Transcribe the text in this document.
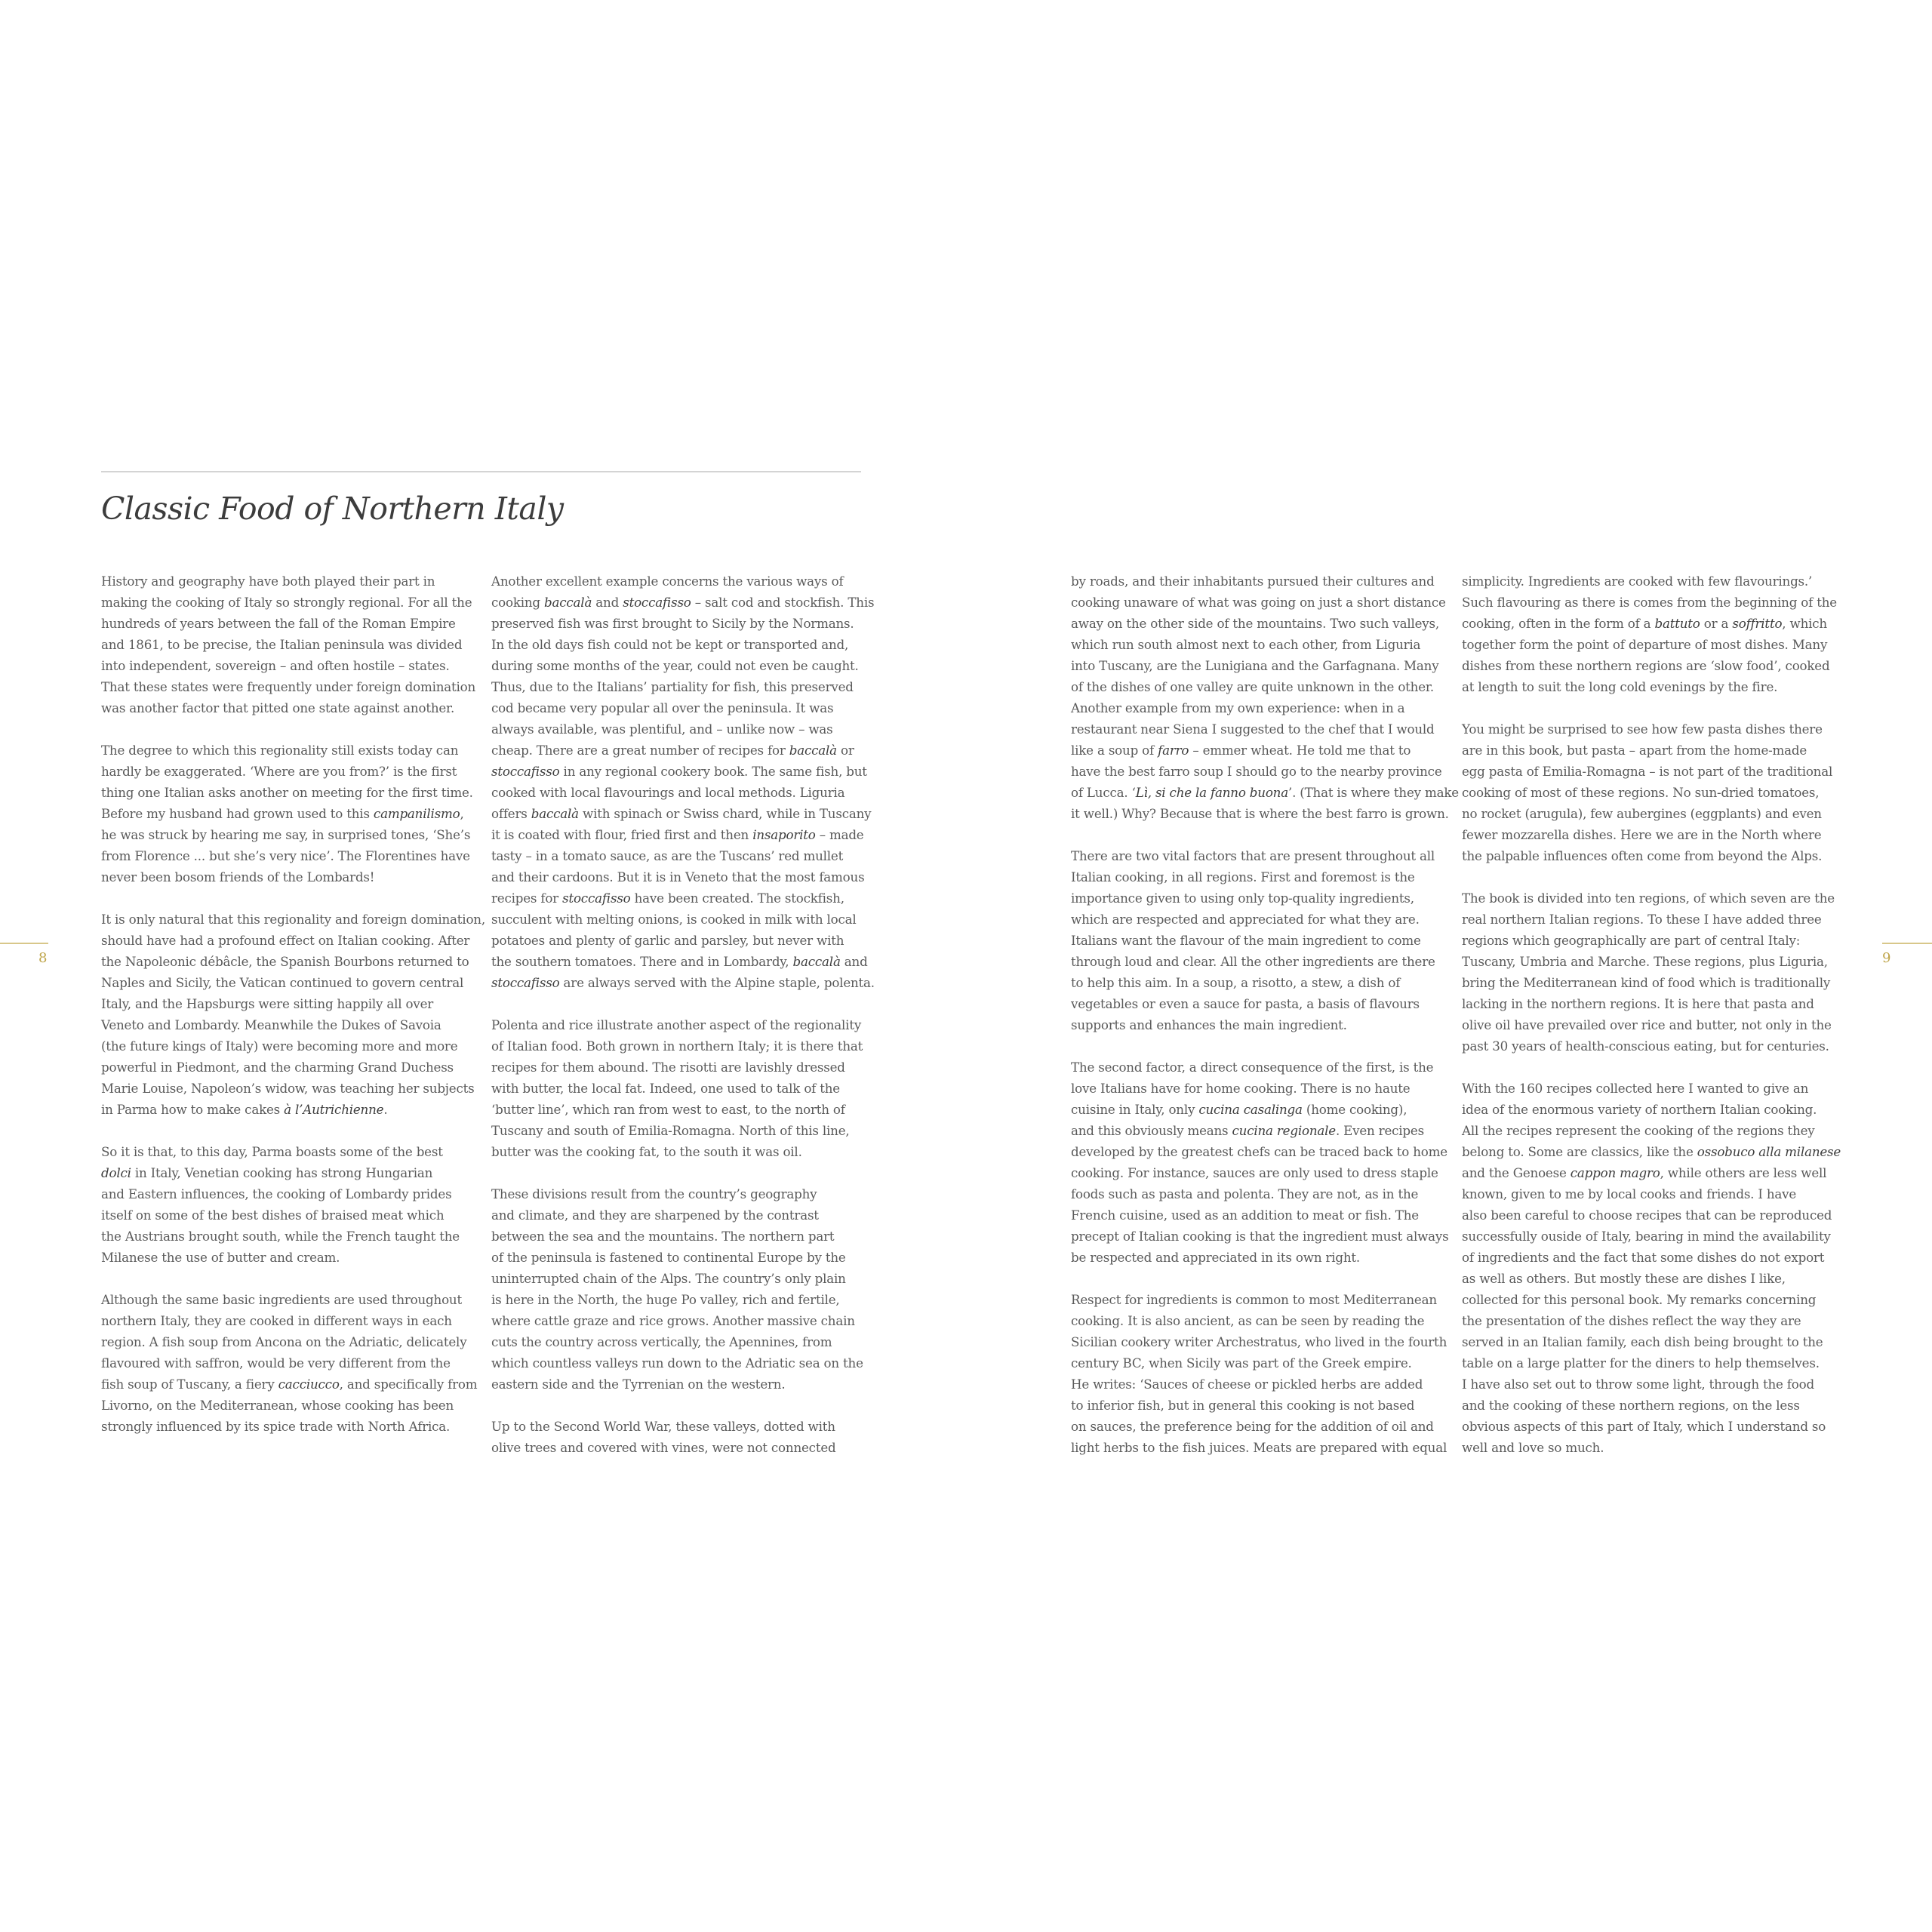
Classic Food of Northern Italy

History and geography have both played their part in
making the cooking of Italy so strongly regional. For all the
hundreds of years between the fall of the Roman Empire
and 1861, to be precise, the Italian peninsula was divided
into independent, sovereign – and often hostile – states.
That these states were frequently under foreign domination
was another factor that pitted one state against another.

The degree to which this regionality still exists today can
hardly be exaggerated. ‘Where are you from?’ is the first
thing one Italian asks another on meeting for the first time.
Before my husband had grown used to this campanilismo,
he was struck by hearing me say, in surprised tones, ‘She’s
from Florence ... but she’s very nice’. The Florentines have
never been bosom friends of the Lombards!

It is only natural that this regionality and foreign domination,
should have had a profound effect on Italian cooking. After
the Napoleonic débâcle, the Spanish Bourbons returned to
Naples and Sicily, the Vatican continued to govern central
Italy, and the Hapsburgs were sitting happily all over
Veneto and Lombardy. Meanwhile the Dukes of Savoia
(the future kings of Italy) were becoming more and more
powerful in Piedmont, and the charming Grand Duchess
Marie Louise, Napoleon’s widow, was teaching her subjects
in Parma how to make cakes à l’Autrichienne.

So it is that, to this day, Parma boasts some of the best
dolci in Italy, Venetian cooking has strong Hungarian
and Eastern influences, the cooking of Lombardy prides
itself on some of the best dishes of braised meat which
the Austrians brought south, while the French taught the
Milanese the use of butter and cream.

Although the same basic ingredients are used throughout
northern Italy, they are cooked in different ways in each
region. A fish soup from Ancona on the Adriatic, delicately
flavoured with saffron, would be very different from the
fish soup of Tuscany, a fiery cacciucco, and specifically from
Livorno, on the Mediterranean, whose cooking has been
strongly influenced by its spice trade with North Africa.

Another excellent example concerns the various ways of
cooking baccalà and stoccafisso – salt cod and stockfish. This
preserved fish was first brought to Sicily by the Normans.
In the old days fish could not be kept or transported and,
during some months of the year, could not even be caught.
Thus, due to the Italians’ partiality for fish, this preserved
cod became very popular all over the peninsula. It was
always available, was plentiful, and – unlike now – was
cheap. There are a great number of recipes for baccalà or
stoccafisso in any regional cookery book. The same fish, but
cooked with local flavourings and local methods. Liguria
offers baccalà with spinach or Swiss chard, while in Tuscany
it is coated with flour, fried first and then insaporito – made
tasty – in a tomato sauce, as are the Tuscans’ red mullet
and their cardoons. But it is in Veneto that the most famous
recipes for stoccafisso have been created. The stockfish,
succulent with melting onions, is cooked in milk with local
potatoes and plenty of garlic and parsley, but never with
the southern tomatoes. There and in Lombardy, baccalà and
stoccafisso are always served with the Alpine staple, polenta.

Polenta and rice illustrate another aspect of the regionality
of Italian food. Both grown in northern Italy; it is there that
recipes for them abound. The risotti are lavishly dressed
with butter, the local fat. Indeed, one used to talk of the
‘butter line’, which ran from west to east, to the north of
Tuscany and south of Emilia-Romagna. North of this line,
butter was the cooking fat, to the south it was oil.

These divisions result from the country’s geography
and climate, and they are sharpened by the contrast
between the sea and the mountains. The northern part
of the peninsula is fastened to continental Europe by the
uninterrupted chain of the Alps. The country’s only plain
is here in the North, the huge Po valley, rich and fertile,
where cattle graze and rice grows. Another massive chain
cuts the country across vertically, the Apennines, from
which countless valleys run down to the Adriatic sea on the
eastern side and the Tyrrenian on the western.

Up to the Second World War, these valleys, dotted with
olive trees and covered with vines, were not connected

by roads, and their inhabitants pursued their cultures and
cooking unaware of what was going on just a short distance
away on the other side of the mountains. Two such valleys,
which run south almost next to each other, from Liguria
into Tuscany, are the Lunigiana and the Garfagnana. Many
of the dishes of one valley are quite unknown in the other.
Another example from my own experience: when in a
restaurant near Siena I suggested to the chef that I would
like a soup of farro – emmer wheat. He told me that to
have the best farro soup I should go to the nearby province
of Lucca. ‘Lì, si che la fanno buona’. (That is where they make
it well.) Why? Because that is where the best farro is grown.

There are two vital factors that are present throughout all
Italian cooking, in all regions. First and foremost is the
importance given to using only top-quality ingredients,
which are respected and appreciated for what they are.
Italians want the flavour of the main ingredient to come
through loud and clear. All the other ingredients are there
to help this aim. In a soup, a risotto, a stew, a dish of
vegetables or even a sauce for pasta, a basis of flavours
supports and enhances the main ingredient.

The second factor, a direct consequence of the first, is the
love Italians have for home cooking. There is no haute
cuisine in Italy, only cucina casalinga (home cooking),
and this obviously means cucina regionale. Even recipes
developed by the greatest chefs can be traced back to home
cooking. For instance, sauces are only used to dress staple
foods such as pasta and polenta. They are not, as in the
French cuisine, used as an addition to meat or fish. The
precept of Italian cooking is that the ingredient must always
be respected and appreciated in its own right.

Respect for ingredients is common to most Mediterranean
cooking. It is also ancient, as can be seen by reading the
Sicilian cookery writer Archestratus, who lived in the fourth
century BC, when Sicily was part of the Greek empire.
He writes: ‘Sauces of cheese or pickled herbs are added
to inferior fish, but in general this cooking is not based
on sauces, the preference being for the addition of oil and
light herbs to the fish juices. Meats are prepared with equal

simplicity. Ingredients are cooked with few flavourings.’
Such flavouring as there is comes from the beginning of the
cooking, often in the form of a battuto or a soffritto, which
together form the point of departure of most dishes. Many
dishes from these northern regions are ‘slow food’, cooked
at length to suit the long cold evenings by the fire.

You might be surprised to see how few pasta dishes there
are in this book, but pasta – apart from the home-made
egg pasta of Emilia-Romagna – is not part of the traditional
cooking of most of these regions. No sun-dried tomatoes,
no rocket (arugula), few aubergines (eggplants) and even
fewer mozzarella dishes. Here we are in the North where
the palpable influences often come from beyond the Alps.

The book is divided into ten regions, of which seven are the
real northern Italian regions. To these I have added three
regions which geographically are part of central Italy:
Tuscany, Umbria and Marche. These regions, plus Liguria,
bring the Mediterranean kind of food which is traditionally
lacking in the northern regions. It is here that pasta and
olive oil have prevailed over rice and butter, not only in the
past 30 years of health-conscious eating, but for centuries.

With the 160 recipes collected here I wanted to give an
idea of the enormous variety of northern Italian cooking.
All the recipes represent the cooking of the regions they
belong to. Some are classics, like the ossobuco alla milanese
and the Genoese cappon magro, while others are less well
known, given to me by local cooks and friends. I have
also been careful to choose recipes that can be reproduced
successfully ouside of Italy, bearing in mind the availability
of ingredients and the fact that some dishes do not export
as well as others. But mostly these are dishes I like,
collected for this personal book. My remarks concerning
the presentation of the dishes reflect the way they are
served in an Italian family, each dish being brought to the
table on a large platter for the diners to help themselves.
I have also set out to throw some light, through the food
and the cooking of these northern regions, on the less
obvious aspects of this part of Italy, which I understand so
well and love so much.

8	9
